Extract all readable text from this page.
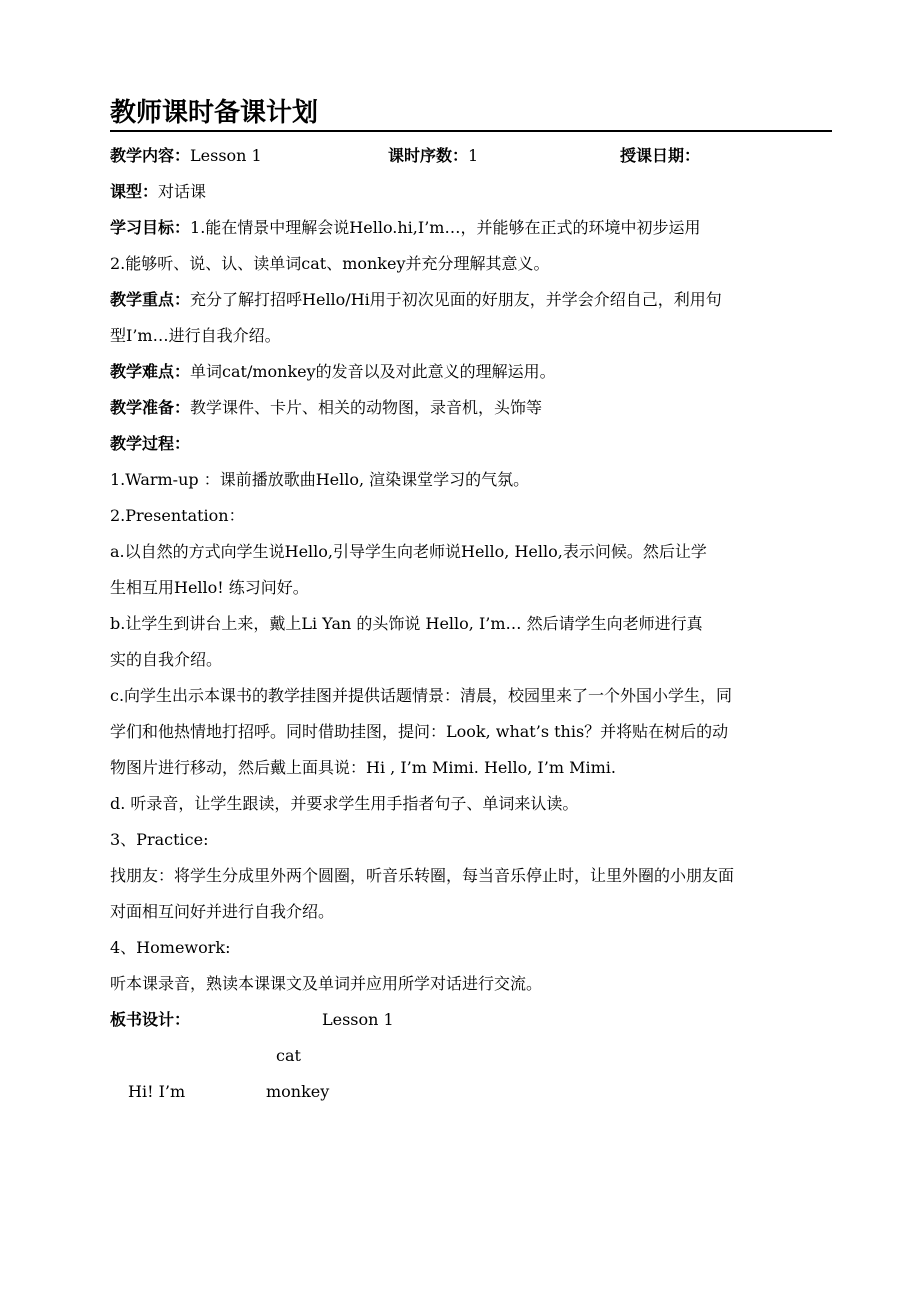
教师课时备课计划
教学内容：Lesson 1	课时序数：1	授课日期：
课型：对话课
学习目标：1.能在情景中理解会说Hello.hi,I’m…，并能够在正式的环境中初步运用
2.能够听、说、认、读单词cat、monkey并充分理解其意义。
教学重点：充分了解打招呼Hello/Hi用于初次见面的好朋友，并学会介绍自己，利用句
型I’m…进行自我介绍。
教学难点：单词cat/monkey的发音以及对此意义的理解运用。
教学准备：教学课件、卡片、相关的动物图，录音机，头饰等
教学过程：
1.Warm-up ：课前播放歌曲Hello, 渲染课堂学习的气氛。
2.Presentation：
a.以自然的方式向学生说Hello,引导学生向老师说Hello, Hello,表示问候。然后让学
生相互用Hello! 练习问好。
b.让学生到讲台上来，戴上Li Yan 的头饰说 Hello, I’m… 然后请学生向老师进行真
实的自我介绍。
c.向学生出示本课书的教学挂图并提供话题情景：清晨，校园里来了一个外国小学生，同
学们和他热情地打招呼。同时借助挂图，提问：Look, what’s this？并将贴在树后的动
物图片进行移动，然后戴上面具说：Hi , I’m Mimi. Hello, I’m Mimi.
d. 听录音，让学生跟读，并要求学生用手指者句子、单词来认读。
3、Practice:
找朋友：将学生分成里外两个圆圈，听音乐转圈，每当音乐停止时，让里外圈的小朋友面
对面相互问好并进行自我介绍。
4、Homework:
听本课录音，熟读本课课文及单词并应用所学对话进行交流。
板书设计：	Lesson 1
cat
Hi! I’m	monkey
